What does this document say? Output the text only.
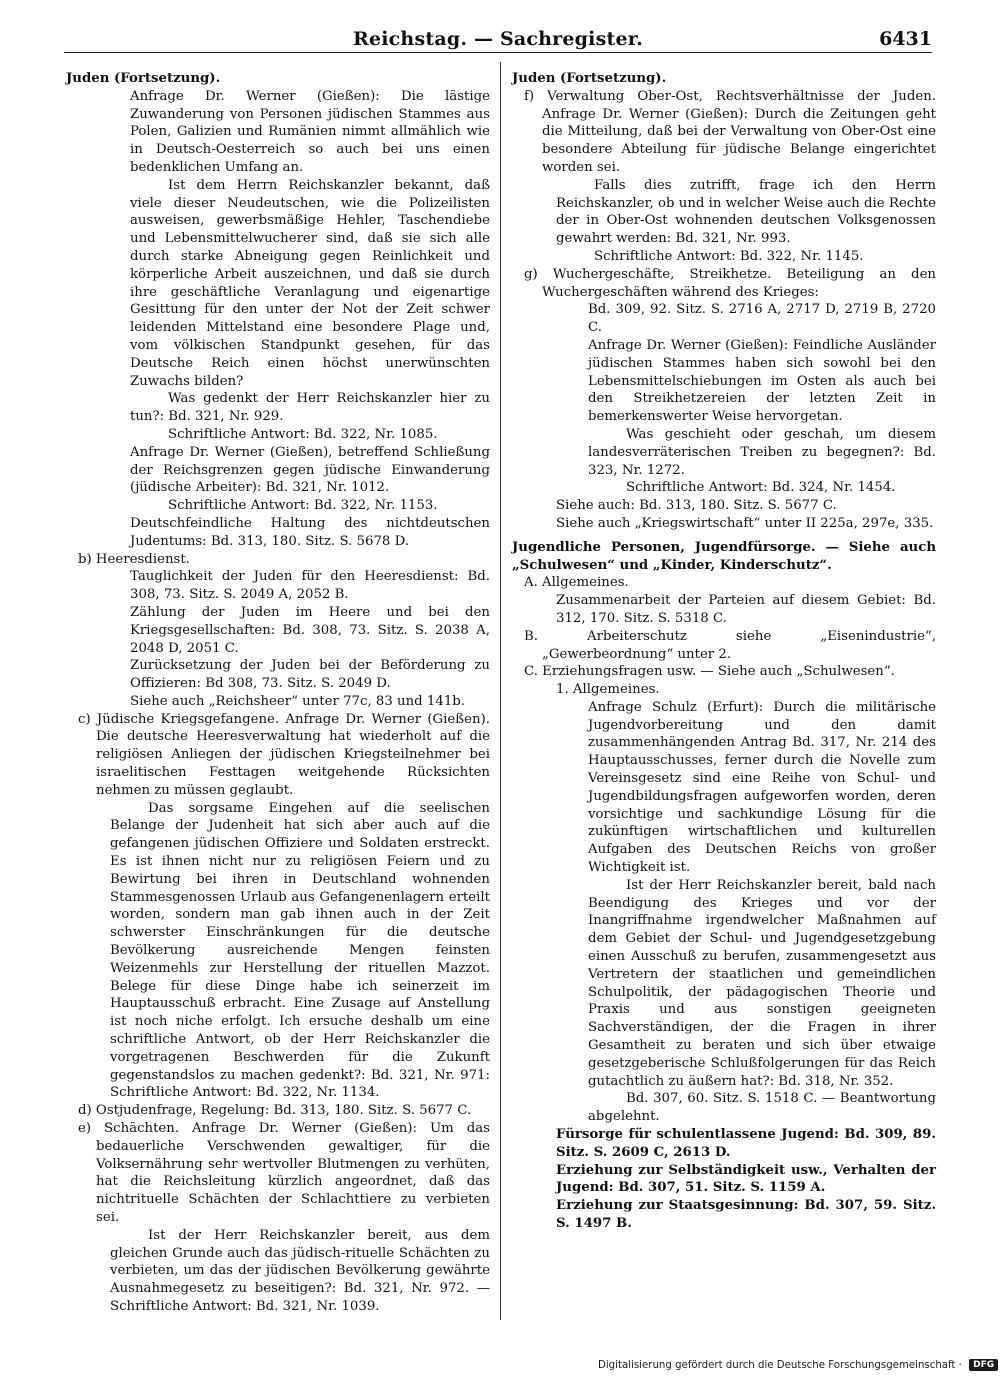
Reichstag. — Sachregister.	6431

Juden (Fortsetzung).

Anfrage Dr. Werner (Gießen): Die lästige Zuwanderung von Personen jüdischen Stammes aus Polen, Galizien und Rumänien nimmt allmählich wie in Deutsch-Oesterreich so auch bei uns einen bedenklichen Umfang an.

Ist dem Herrn Reichskanzler bekannt, daß viele dieser Neudeutschen, wie die Polizeilisten ausweisen, gewerbsmäßige Hehler, Taschendiebe und Lebensmittelwucherer sind, daß sie sich alle durch starke Abneigung gegen Reinlichkeit und körperliche Arbeit auszeichnen, und daß sie durch ihre geschäftliche Veranlagung und eigenartige Gesittung für den unter der Not der Zeit schwer leidenden Mittelstand eine besondere Plage und, vom völkischen Standpunkt gesehen, für das Deutsche Reich einen höchst unerwünschten Zuwachs bilden?

Was gedenkt der Herr Reichskanzler hier zu tun?: Bd. 321, Nr. 929.

Schriftliche Antwort: Bd. 322, Nr. 1085.

Anfrage Dr. Werner (Gießen), betreffend Schließung der Reichsgrenzen gegen jüdische Einwanderung (jüdische Arbeiter): Bd. 321, Nr. 1012.

Schriftliche Antwort: Bd. 322, Nr. 1153.

Deutschfeindliche Haltung des nichtdeutschen Judentums: Bd. 313, 180. Sitz. S. 5678 D.

b) Heeresdienst.

Tauglichkeit der Juden für den Heeresdienst: Bd. 308, 73. Sitz. S. 2049 A, 2052 B.

Zählung der Juden im Heere und bei den Kriegsgesellschaften: Bd. 308, 73. Sitz. S. 2038 A, 2048 D, 2051 C.

Zurücksetzung der Juden bei der Beförderung zu Offizieren: Bd 308, 73. Sitz. S. 2049 D.

Siehe auch „Reichsheer“ unter 77c, 83 und 141b.

c) Jüdische Kriegsgefangene. Anfrage Dr. Werner (Gießen). Die deutsche Heeresverwaltung hat wiederholt auf die religiösen Anliegen der jüdischen Kriegsteilnehmer bei israelitischen Festtagen weitgehende Rücksichten nehmen zu müssen geglaubt.

Das sorgsame Eingehen auf die seelischen Belange der Judenheit hat sich aber auch auf die gefangenen jüdischen Offiziere und Soldaten erstreckt. Es ist ihnen nicht nur zu religiösen Feiern und zu Bewirtung bei ihren in Deutschland wohnenden Stammesgenossen Urlaub aus Gefangenenlagern erteilt worden, sondern man gab ihnen auch in der Zeit schwerster Einschränkungen für die deutsche Bevölkerung ausreichende Mengen feinsten Weizenmehls zur Herstellung der rituellen Mazzot. Belege für diese Dinge habe ich seinerzeit im Hauptausschuß erbracht. Eine Zusage auf Anstellung ist noch niche erfolgt. Ich ersuche deshalb um eine schriftliche Antwort, ob der Herr Reichskanzler die vorgetragenen Beschwerden für die Zukunft gegenstandslos zu machen gedenkt?: Bd. 321, Nr. 971: Schriftliche Antwort: Bd. 322, Nr. 1134.

d) Ostjudenfrage, Regelung: Bd. 313, 180. Sitz. S. 5677 C.

e) Schächten. Anfrage Dr. Werner (Gießen): Um das bedauerliche Verschwenden gewaltiger, für die Volksernährung sehr wertvoller Blutmengen zu verhüten, hat die Reichsleitung kürzlich angeordnet, daß das nichtrituelle Schächten der Schlachttiere zu verbieten sei.

Ist der Herr Reichskanzler bereit, aus dem gleichen Grunde auch das jüdisch-rituelle Schächten zu verbieten, um das der jüdischen Bevölkerung gewährte Ausnahmegesetz zu beseitigen?: Bd. 321, Nr. 972. — Schriftliche Antwort: Bd. 321, Nr. 1039.

Juden (Fortsetzung).

f) Verwaltung Ober-Ost, Rechtsverhältnisse der Juden. Anfrage Dr. Werner (Gießen): Durch die Zeitungen geht die Mitteilung, daß bei der Verwaltung von Ober-Ost eine besondere Abteilung für jüdische Belange eingerichtet worden sei.

Falls dies zutrifft, frage ich den Herrn Reichskanzler, ob und in welcher Weise auch die Rechte der in Ober-Ost wohnenden deutschen Volksgenossen gewahrt werden: Bd. 321, Nr. 993.

Schriftliche Antwort: Bd. 322, Nr. 1145.

g) Wuchergeschäfte, Streikhetze. Beteiligung an den Wuchergeschäften während des Krieges:

Bd. 309, 92. Sitz. S. 2716 A, 2717 D, 2719 B, 2720 C.

Anfrage Dr. Werner (Gießen): Feindliche Ausländer jüdischen Stammes haben sich sowohl bei den Lebensmittelschiebungen im Osten als auch bei den Streikhetzereien der letzten Zeit in bemerkenswerter Weise hervorgetan.

Was geschieht oder geschah, um diesem landesverräterischen Treiben zu begegnen?: Bd. 323, Nr. 1272.

Schriftliche Antwort: Bd. 324, Nr. 1454.

Siehe auch: Bd. 313, 180. Sitz. S. 5677 C.

Siehe auch „Kriegswirtschaft“ unter II 225a, 297e, 335.

Jugendliche Personen, Jugendfürsorge. — Siehe auch „Schulwesen“ und „Kinder, Kinderschutz“.

A. Allgemeines.

Zusammenarbeit der Parteien auf diesem Gebiet: Bd. 312, 170. Sitz. S. 5318 C.

B. Arbeiterschutz siehe „Eisenindustrie“, „Gewerbeordnung“ unter 2.

C. Erziehungsfragen usw. — Siehe auch „Schulwesen“.

1. Allgemeines.

Anfrage Schulz (Erfurt): Durch die militärische Jugendvorbereitung und den damit zusammenhängenden Antrag Bd. 317, Nr. 214 des Hauptausschusses, ferner durch die Novelle zum Vereinsgesetz sind eine Reihe von Schul- und Jugendbildungsfragen aufgeworfen worden, deren vorsichtige und sachkundige Lösung für die zukünftigen wirtschaftlichen und kulturellen Aufgaben des Deutschen Reichs von großer Wichtigkeit ist.

Ist der Herr Reichskanzler bereit, bald nach Beendigung des Krieges und vor der Inangriffnahme irgendwelcher Maßnahmen auf dem Gebiet der Schul- und Jugendgesetzgebung einen Ausschuß zu berufen, zusammengesetzt aus Vertretern der staatlichen und gemeindlichen Schulpolitik, der pädagogischen Theorie und Praxis und aus sonstigen geeigneten Sachverständigen, der die Fragen in ihrer Gesamtheit zu beraten und sich über etwaige gesetzgeberische Schlußfolgerungen für das Reich gutachtlich zu äußern hat?: Bd. 318, Nr. 352.

Bd. 307, 60. Sitz. S. 1518 C. — Beantwortung abgelehnt.

Fürsorge für schulentlassene Jugend: Bd. 309, 89. Sitz. S. 2609 C, 2613 D.

Erziehung zur Selbständigkeit usw., Verhalten der Jugend: Bd. 307, 51. Sitz. S. 1159 A.

Erziehung zur Staatsgesinnung: Bd. 307, 59. Sitz. S. 1497 B.

Digitalisierung gefördert durch die Deutsche Forschungsgemeinschaft · DFG
